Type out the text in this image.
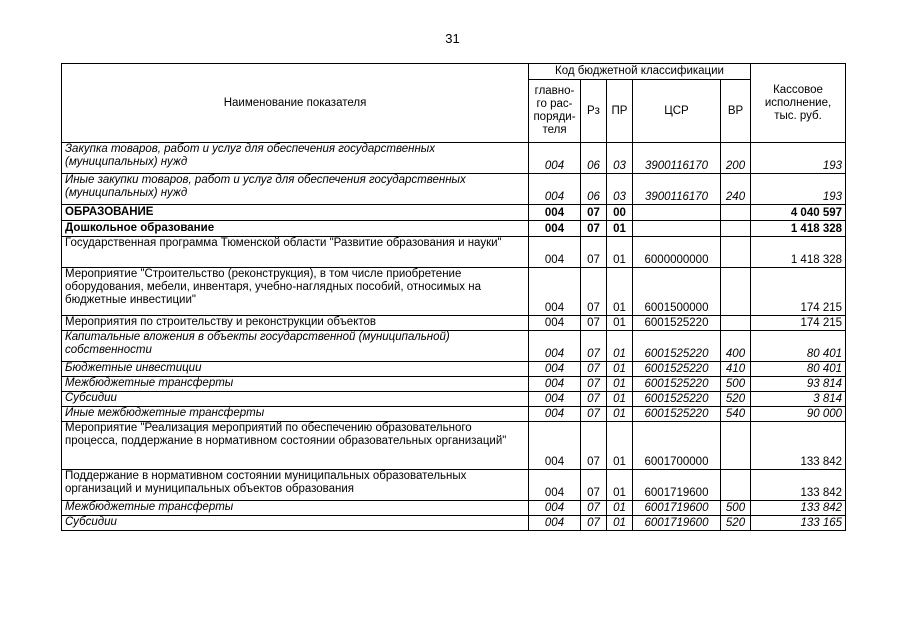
31
Наименование показателя	Код бюджетной классификации					Кассовое
исполнение,
тыс. руб.
	главно-
го рас-
поряди-
теля	Рз	ПР	ЦСР	ВР	
Закупка товаров, работ и услуг для обеспечения государственных (муниципальных) нужд	004	06	03	3900116170	200	193
Иные закупки товаров, работ и услуг для обеспечения государственных (муниципальных) нужд	004	06	03	3900116170	240	193
ОБРАЗОВАНИЕ	004	07	00			4 040 597
Дошкольное образование	004	07	01			1 418 328
Государственная программа Тюменской области "Развитие образования и науки"	004	07	01	6000000000		1 418 328
Мероприятие "Строительство (реконструкция), в том числе приобретение оборудования, мебели, инвентаря, учебно-наглядных пособий, относимых на бюджетные инвестиции"	004	07	01	6001500000		174 215
Мероприятия по строительству и реконструкции объектов	004	07	01	6001525220		174 215
Капитальные вложения в объекты государственной (муниципальной) собственности	004	07	01	6001525220	400	80 401
Бюджетные инвестиции	004	07	01	6001525220	410	80 401
Межбюджетные трансферты	004	07	01	6001525220	500	93 814
Субсидии	004	07	01	6001525220	520	3 814
Иные межбюджетные трансферты	004	07	01	6001525220	540	90 000
Мероприятие "Реализация мероприятий по обеспечению образовательного процесса, поддержание в нормативном состоянии образовательных организаций"	004	07	01	6001700000		133 842
Поддержание в нормативном состоянии муниципальных образовательных организаций и муниципальных объектов образования	004	07	01	6001719600		133 842
Межбюджетные трансферты	004	07	01	6001719600	500	133 842
Субсидии	004	07	01	6001719600	520	133 165
